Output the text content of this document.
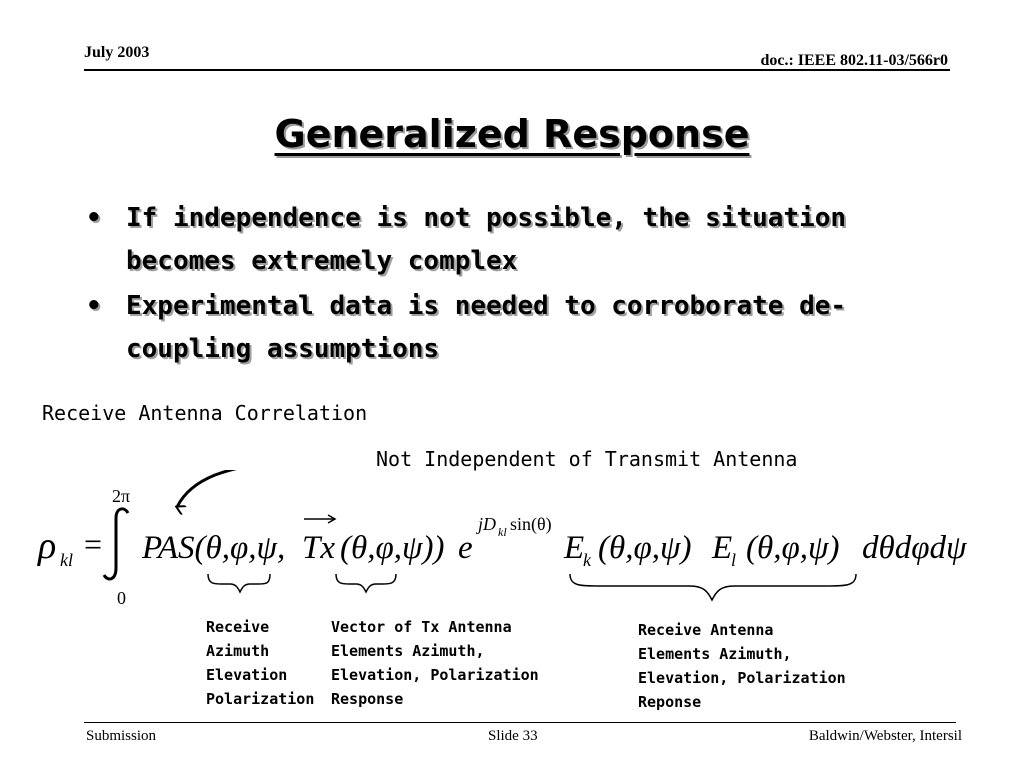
July 2003	doc.: IEEE 802.11-03/566r0
Generalized Response
• If independence is not possible, the situation
becomes extremely complex
• Experimental data is needed to corroborate de-
coupling assumptions
Receive Antenna Correlation
Not Independent of Transmit Antenna
ρ kl =
2π
0
PAS(θ,φ,ψ, Tx (θ,φ,ψ)) e
jD kl sin(θ)
E
k (θ,φ,ψ) E
l (θ,φ,ψ) dθdφdψ
Receive
Azimuth
Elevation
Polarization
Vector of Tx Antenna
Elements Azimuth,
Elevation, Polarization
Response
Receive Antenna
Elements Azimuth,
Elevation, Polarization
Reponse
Submission	Slide 33	Baldwin/Webster, Intersil
